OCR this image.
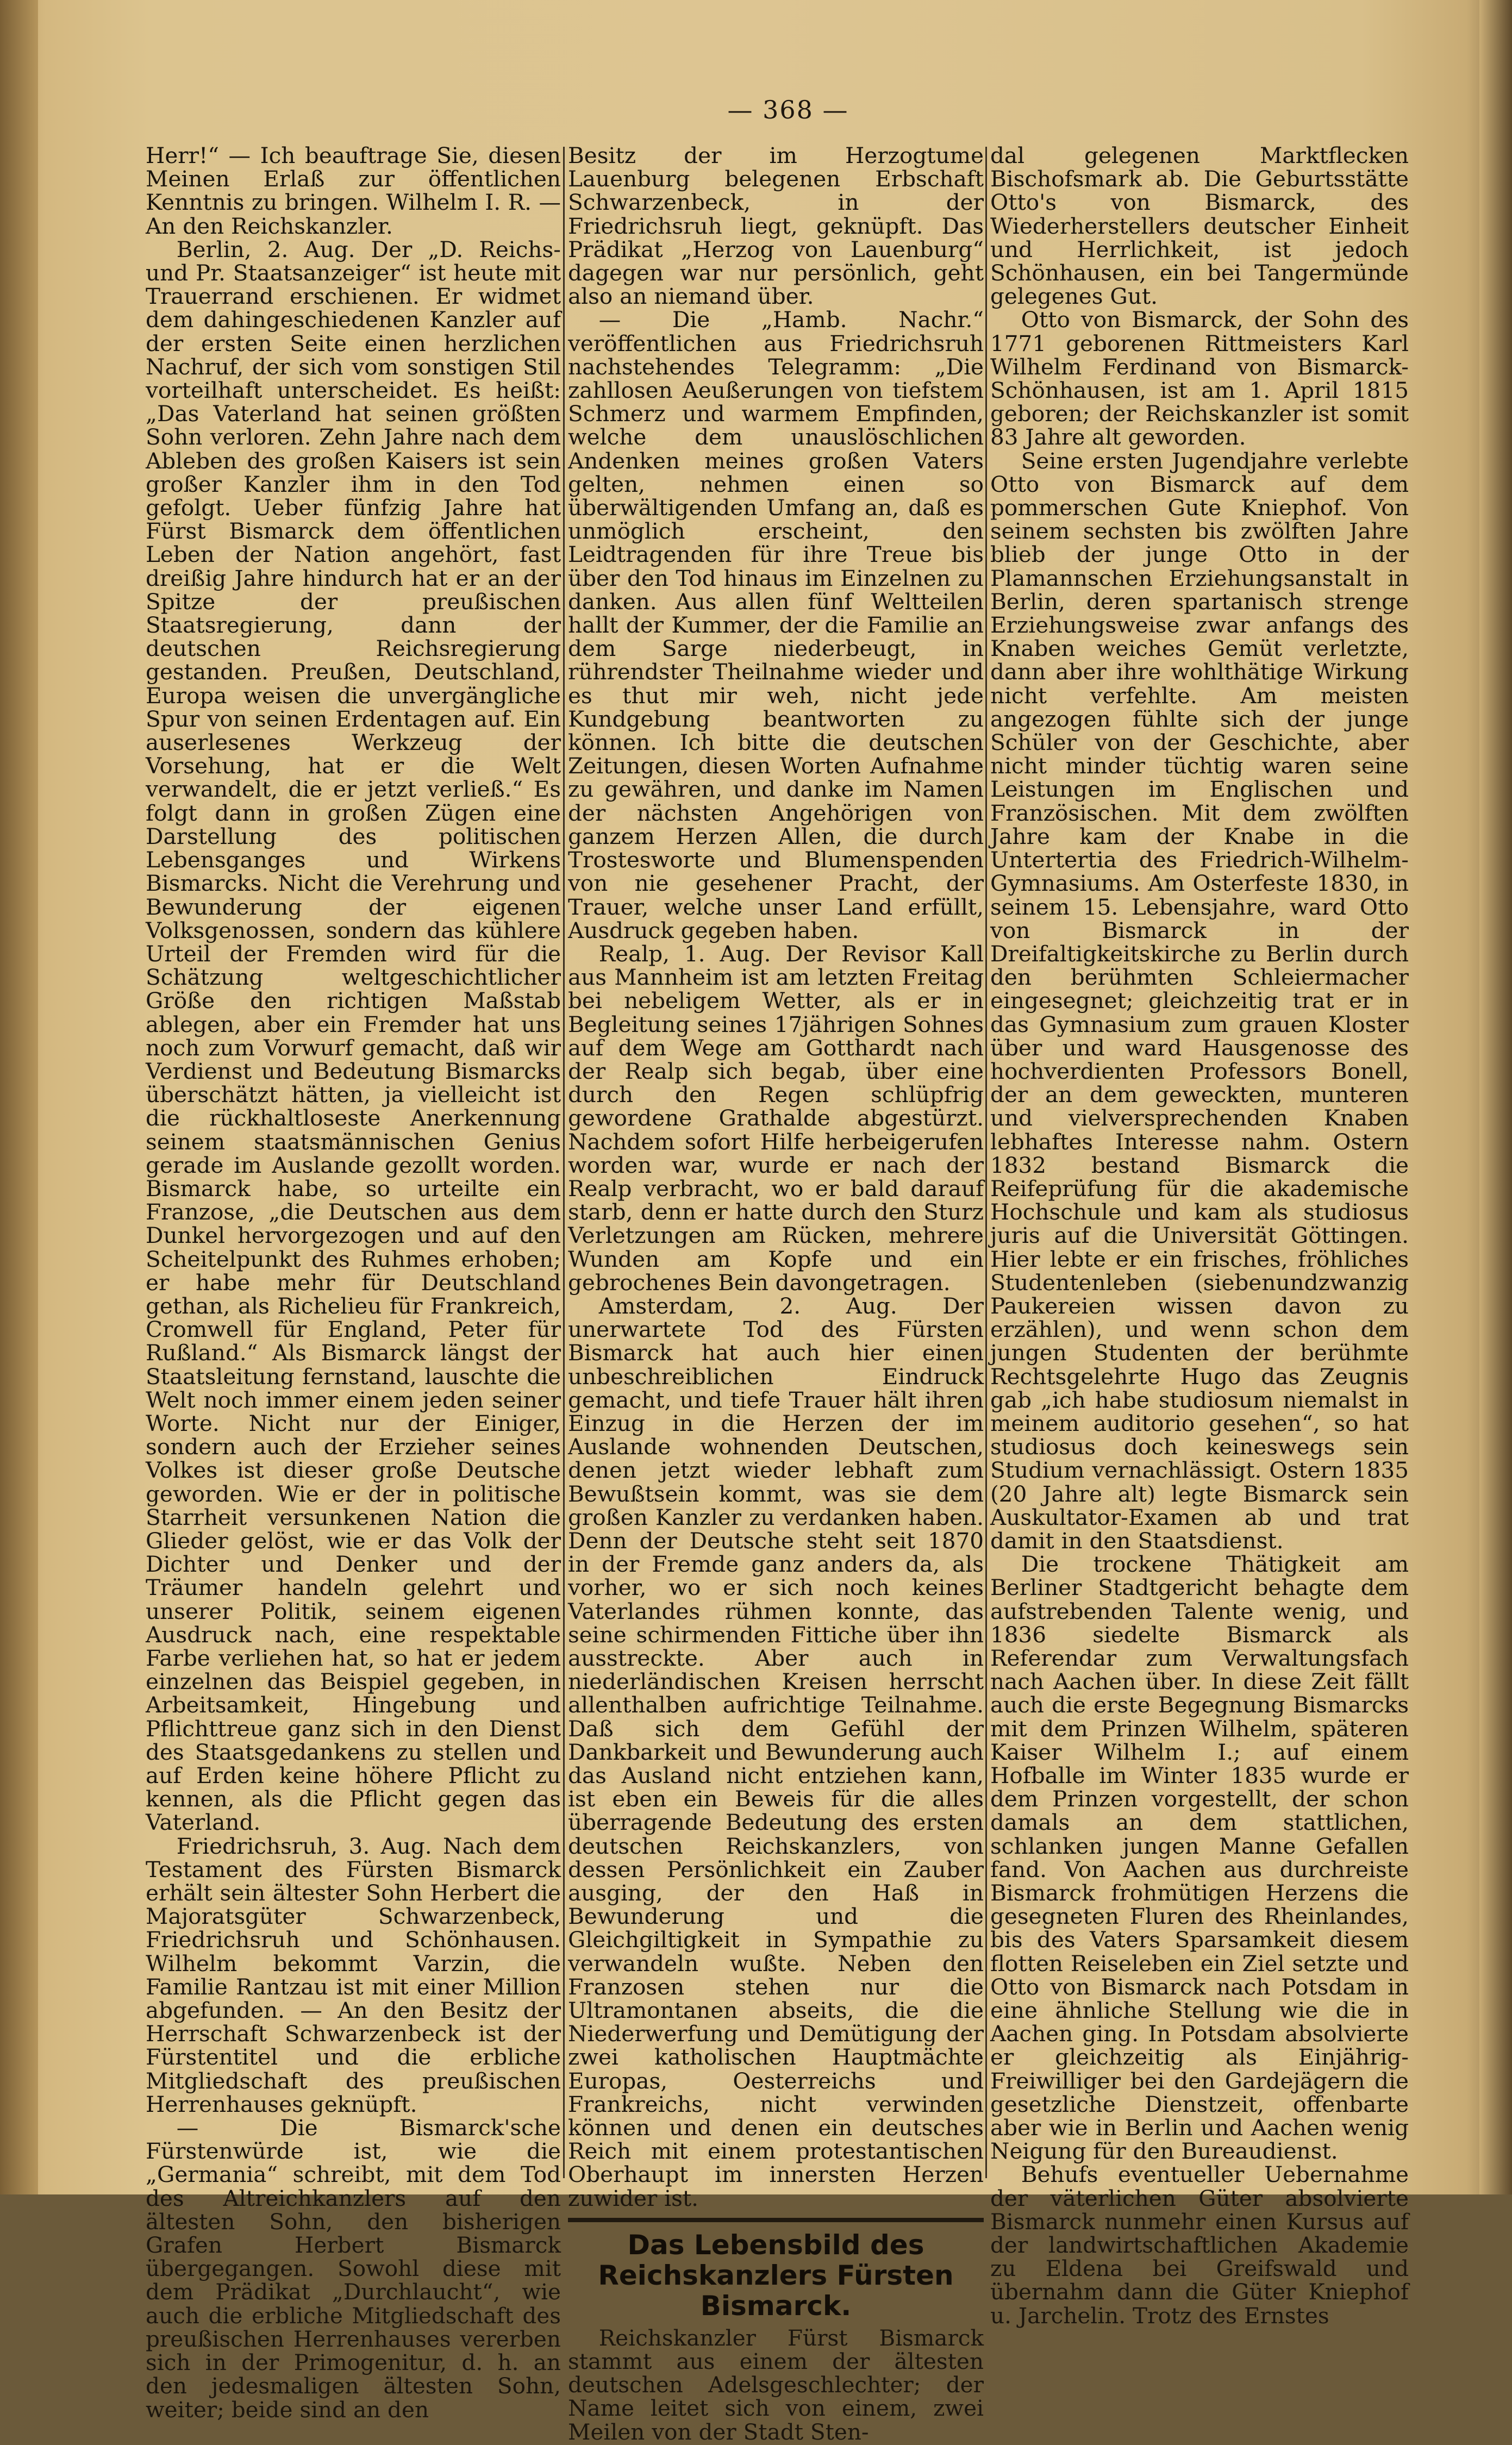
— 368 —

Herr!“ — Ich beauftrage Sie, diesen Meinen Erlaß zur öffentlichen Kenntnis zu bringen. Wilhelm I. R. — An den Reichskanzler.

Berlin, 2. Aug. Der „D. Reichs- und Pr. Staatsanzeiger“ ist heute mit Trauerrand erschienen. Er widmet dem dahingeschiedenen Kanzler auf der ersten Seite einen herzlichen Nachruf, der sich vom sonstigen Stil vorteilhaft unterscheidet. Es heißt: „Das Vaterland hat seinen größten Sohn verloren. Zehn Jahre nach dem Ableben des großen Kaisers ist sein großer Kanzler ihm in den Tod gefolgt. Ueber fünfzig Jahre hat Fürst Bismarck dem öffentlichen Leben der Nation angehört, fast dreißig Jahre hindurch hat er an der Spitze der preußischen Staatsregierung, dann der deutschen Reichsregierung gestanden. Preußen, Deutschland, Europa weisen die unvergängliche Spur von seinen Erdentagen auf. Ein auserlesenes Werkzeug der Vorsehung, hat er die Welt verwandelt, die er jetzt verließ.“ Es folgt dann in großen Zügen eine Darstellung des politischen Lebensganges und Wirkens Bismarcks. Nicht die Verehrung und Bewunderung der eigenen Volksgenossen, sondern das kühlere Urteil der Fremden wird für die Schätzung weltgeschichtlicher Größe den richtigen Maßstab ablegen, aber ein Fremder hat uns noch zum Vorwurf gemacht, daß wir Verdienst und Bedeutung Bismarcks überschätzt hätten, ja vielleicht ist die rückhaltloseste Anerkennung seinem staatsmännischen Genius gerade im Auslande gezollt worden. Bismarck habe, so urteilte ein Franzose, „die Deutschen aus dem Dunkel hervorgezogen und auf den Scheitelpunkt des Ruhmes erhoben; er habe mehr für Deutschland gethan, als Richelieu für Frankreich, Cromwell für England, Peter für Rußland.“ Als Bismarck längst der Staatsleitung fernstand, lauschte die Welt noch immer einem jeden seiner Worte. Nicht nur der Einiger, sondern auch der Erzieher seines Volkes ist dieser große Deutsche geworden. Wie er der in politische Starrheit versunkenen Nation die Glieder gelöst, wie er das Volk der Dichter und Denker und der Träumer handeln gelehrt und unserer Politik, seinem eigenen Ausdruck nach, eine respektable Farbe verliehen hat, so hat er jedem einzelnen das Beispiel gegeben, in Arbeitsamkeit, Hingebung und Pflichttreue ganz sich in den Dienst des Staatsgedankens zu stellen und auf Erden keine höhere Pflicht zu kennen, als die Pflicht gegen das Vaterland.

Friedrichsruh, 3. Aug. Nach dem Testament des Fürsten Bismarck erhält sein ältester Sohn Herbert die Majoratsgüter Schwarzenbeck, Friedrichsruh und Schönhausen. Wilhelm bekommt Varzin, die Familie Rantzau ist mit einer Million abgefunden. — An den Besitz der Herrschaft Schwarzenbeck ist der Fürstentitel und die erbliche Mitgliedschaft des preußischen Herrenhauses geknüpft.

— Die Bismarck'sche Fürstenwürde ist, wie die „Germania“ schreibt, mit dem Tod des Altreichkanzlers auf den ältesten Sohn, den bisherigen Grafen Herbert Bismarck übergegangen. Sowohl diese mit dem Prädikat „Durchlaucht“, wie auch die erbliche Mitgliedschaft des preußischen Herrenhauses vererben sich in der Primogenitur, d. h. an den jedesmaligen ältesten Sohn, weiter; beide sind an den

Besitz der im Herzogtume Lauenburg belegenen Erbschaft Schwarzenbeck, in der Friedrichsruh liegt, geknüpft. Das Prädikat „Herzog von Lauenburg“ dagegen war nur persönlich, geht also an niemand über.

— Die „Hamb. Nachr.“ veröffentlichen aus Friedrichsruh nachstehendes Telegramm: „Die zahllosen Aeußerungen von tiefstem Schmerz und warmem Empfinden, welche dem unauslöschlichen Andenken meines großen Vaters gelten, nehmen einen so überwältigenden Umfang an, daß es unmöglich erscheint, den Leidtragenden für ihre Treue bis über den Tod hinaus im Einzelnen zu danken. Aus allen fünf Weltteilen hallt der Kummer, der die Familie an dem Sarge niederbeugt, in rührendster Theilnahme wieder und es thut mir weh, nicht jede Kundgebung beantworten zu können. Ich bitte die deutschen Zeitungen, diesen Worten Aufnahme zu gewähren, und danke im Namen der nächsten Angehörigen von ganzem Herzen Allen, die durch Trostesworte und Blumenspenden von nie gesehener Pracht, der Trauer, welche unser Land erfüllt, Ausdruck gegeben haben.

Realp, 1. Aug. Der Revisor Kall aus Mannheim ist am letzten Freitag bei nebeligem Wetter, als er in Begleitung seines 17jährigen Sohnes auf dem Wege am Gotthardt nach der Realp sich begab, über eine durch den Regen schlüpfrig gewordene Grathalde abgestürzt. Nachdem sofort Hilfe herbeigerufen worden war, wurde er nach der Realp verbracht, wo er bald darauf starb, denn er hatte durch den Sturz Verletzungen am Rücken, mehrere Wunden am Kopfe und ein gebrochenes Bein davongetragen.

Amsterdam, 2. Aug. Der unerwartete Tod des Fürsten Bismarck hat auch hier einen unbeschreiblichen Eindruck gemacht, und tiefe Trauer hält ihren Einzug in die Herzen der im Auslande wohnenden Deutschen, denen jetzt wieder lebhaft zum Bewußtsein kommt, was sie dem großen Kanzler zu verdanken haben. Denn der Deutsche steht seit 1870 in der Fremde ganz anders da, als vorher, wo er sich noch keines Vaterlandes rühmen konnte, das seine schirmenden Fittiche über ihn ausstreckte. Aber auch in niederländischen Kreisen herrscht allenthalben aufrichtige Teilnahme. Daß sich dem Gefühl der Dankbarkeit und Bewunderung auch das Ausland nicht entziehen kann, ist eben ein Beweis für die alles überragende Bedeutung des ersten deutschen Reichskanzlers, von dessen Persönlichkeit ein Zauber ausging, der den Haß in Bewunderung und die Gleichgiltigkeit in Sympathie zu verwandeln wußte. Neben den Franzosen stehen nur die Ultramontanen abseits, die die Niederwerfung und Demütigung der zwei katholischen Hauptmächte Europas, Oesterreichs und Frankreichs, nicht verwinden können und denen ein deutsches Reich mit einem protestantischen Oberhaupt im innersten Herzen zuwider ist.

Das Lebensbild des Reichskanzlers Fürsten Bismarck.

Reichskanzler Fürst Bismarck stammt aus einem der ältesten deutschen Adelsgeschlechter; der Name leitet sich von einem, zwei Meilen von der Stadt Sten-

dal gelegenen Marktflecken Bischofsmark ab. Die Geburtsstätte Otto's von Bismarck, des Wiederherstellers deutscher Einheit und Herrlichkeit, ist jedoch Schönhausen, ein bei Tangermünde gelegenes Gut.

Otto von Bismarck, der Sohn des 1771 geborenen Rittmeisters Karl Wilhelm Ferdinand von Bismarck-Schönhausen, ist am 1. April 1815 geboren; der Reichskanzler ist somit 83 Jahre alt geworden.

Seine ersten Jugendjahre verlebte Otto von Bismarck auf dem pommerschen Gute Kniephof. Von seinem sechsten bis zwölften Jahre blieb der junge Otto in der Plamannschen Erziehungsanstalt in Berlin, deren spartanisch strenge Erziehungsweise zwar anfangs des Knaben weiches Gemüt verletzte, dann aber ihre wohlthätige Wirkung nicht verfehlte. Am meisten angezogen fühlte sich der junge Schüler von der Geschichte, aber nicht minder tüchtig waren seine Leistungen im Englischen und Französischen. Mit dem zwölften Jahre kam der Knabe in die Untertertia des Friedrich-Wilhelm-Gymnasiums. Am Osterfeste 1830, in seinem 15. Lebensjahre, ward Otto von Bismarck in der Dreifaltigkeitskirche zu Berlin durch den berühmten Schleiermacher eingesegnet; gleichzeitig trat er in das Gymnasium zum grauen Kloster über und ward Hausgenosse des hochverdienten Professors Bonell, der an dem geweckten, munteren und vielversprechenden Knaben lebhaftes Interesse nahm. Ostern 1832 bestand Bismarck die Reifeprüfung für die akademische Hochschule und kam als studiosus juris auf die Universität Göttingen. Hier lebte er ein frisches, fröhliches Studentenleben (siebenundzwanzig Paukereien wissen davon zu erzählen), und wenn schon dem jungen Studenten der berühmte Rechtsgelehrte Hugo das Zeugnis gab „ich habe studiosum niemalst in meinem auditorio gesehen“, so hat studiosus doch keineswegs sein Studium vernachlässigt. Ostern 1835 (20 Jahre alt) legte Bismarck sein Auskultator-Examen ab und trat damit in den Staatsdienst.

Die trockene Thätigkeit am Berliner Stadtgericht behagte dem aufstrebenden Talente wenig, und 1836 siedelte Bismarck als Referendar zum Verwaltungsfach nach Aachen über. In diese Zeit fällt auch die erste Begegnung Bismarcks mit dem Prinzen Wilhelm, späteren Kaiser Wilhelm I.; auf einem Hofballe im Winter 1835 wurde er dem Prinzen vorgestellt, der schon damals an dem stattlichen, schlanken jungen Manne Gefallen fand. Von Aachen aus durchreiste Bismarck frohmütigen Herzens die gesegneten Fluren des Rheinlandes, bis des Vaters Sparsamkeit diesem flotten Reiseleben ein Ziel setzte und Otto von Bismarck nach Potsdam in eine ähnliche Stellung wie die in Aachen ging. In Potsdam absolvierte er gleichzeitig als Einjährig-Freiwilliger bei den Gardejägern die gesetzliche Dienstzeit, offenbarte aber wie in Berlin und Aachen wenig Neigung für den Bureaudienst.

Behufs eventueller Uebernahme der väterlichen Güter absolvierte Bismarck nunmehr einen Kursus auf der landwirtschaftlichen Akademie zu Eldena bei Greifswald und übernahm dann die Güter Kniephof u. Jarchelin. Trotz des Ernstes
